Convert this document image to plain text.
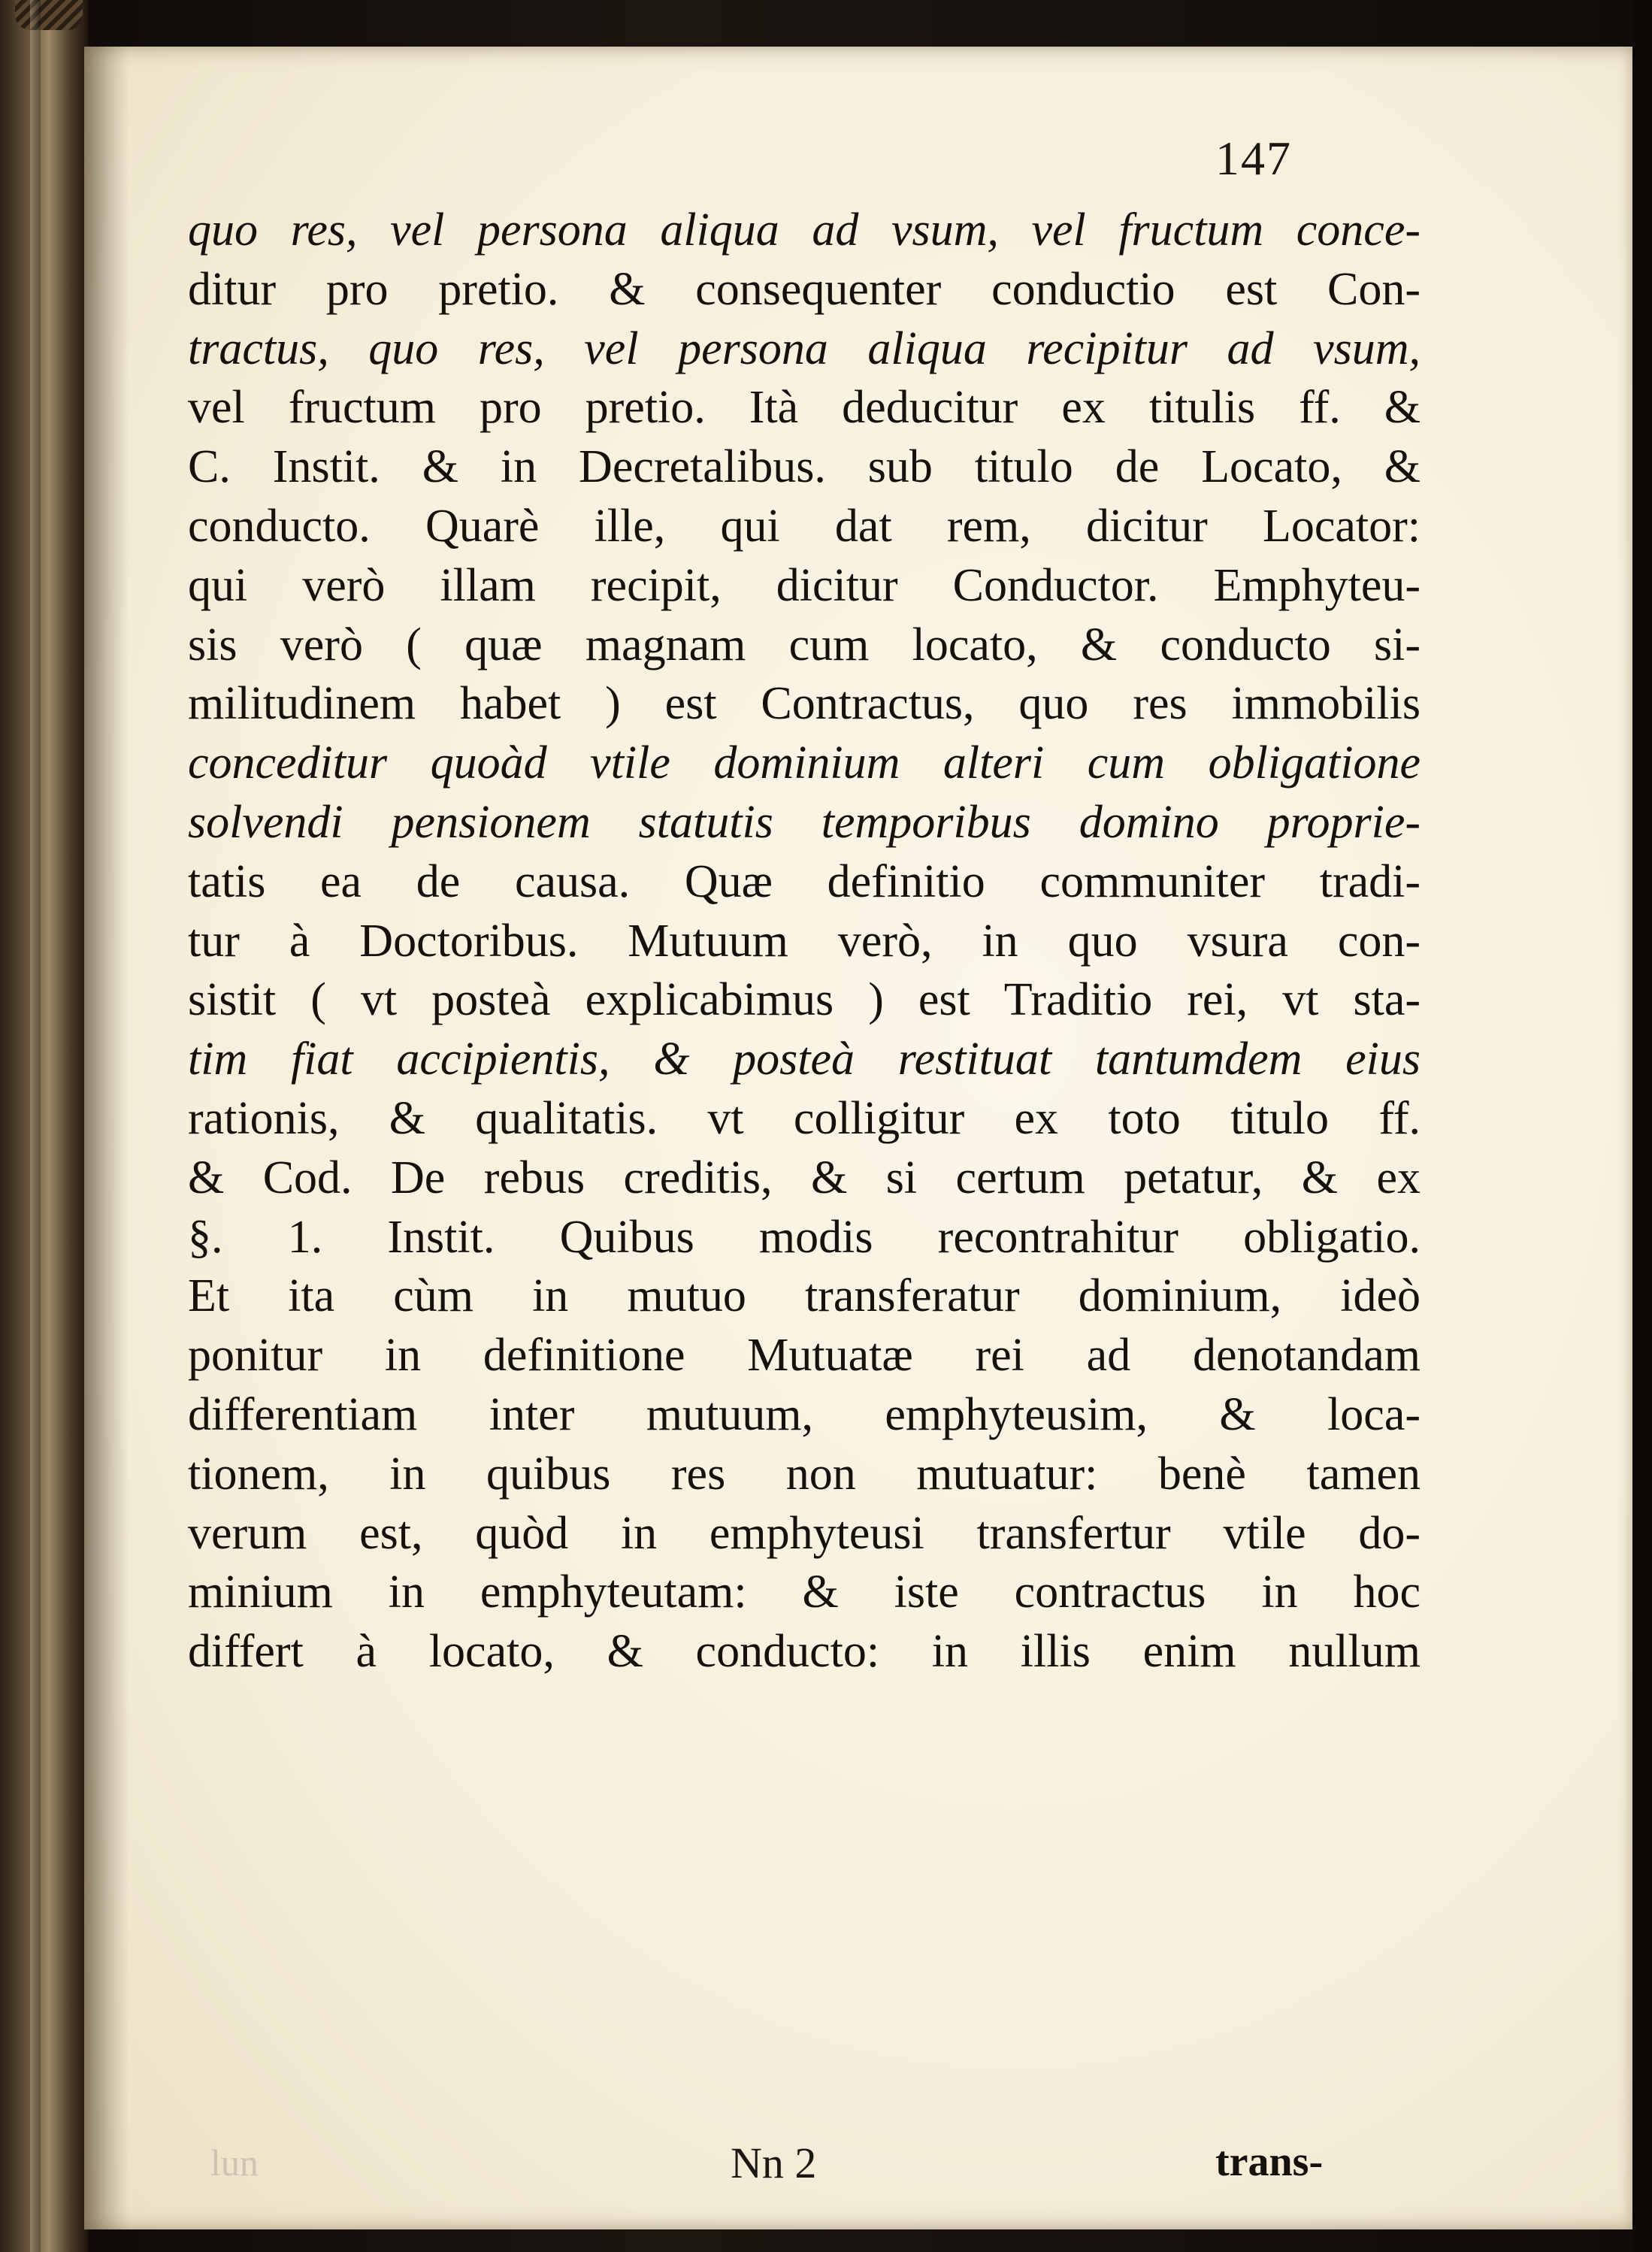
147
quo res, vel persona aliqua ad vsum, vel fructum conce-
ditur pro pretio. & consequenter conductio est Con-
tractus, quo res, vel persona aliqua recipitur ad vsum,
vel fructum pro pretio. Ità deducitur ex titulis ff. &
C. Instit. & in Decretalibus. sub titulo de Locato, &
conducto. Quarè ille, qui dat rem, dicitur Locator:
qui verò illam recipit, dicitur Conductor. Emphyteu-
sis verò ( quæ magnam cum locato, & conducto si-
militudinem habet ) est Contractus, quo res immobilis
conceditur quoàd vtile dominium alteri cum obligatione
solvendi pensionem statutis temporibus domino proprie-
tatis ea de causa. Quæ definitio communiter tradi-
tur à Doctoribus. Mutuum verò, in quo vsura con-
sistit ( vt posteà explicabimus ) est Traditio rei, vt sta-
tim fiat accipientis, & posteà restituat tantumdem eius
rationis, & qualitatis. vt colligitur ex toto titulo ff.
& Cod. De rebus creditis, & si certum petatur, & ex
§. 1. Instit. Quibus modis recontrahitur obligatio.
Et ita cùm in mutuo transferatur dominium, ideò
ponitur in definitione Mutuatæ rei ad denotandam
differentiam inter mutuum, emphyteusim, & loca-
tionem, in quibus res non mutuatur: benè tamen
verum est, quòd in emphyteusi transfertur vtile do-
minium in emphyteutam: & iste contractus in hoc
differt à locato, & conducto: in illis enim nullum
lun	Nn 2	trans-
